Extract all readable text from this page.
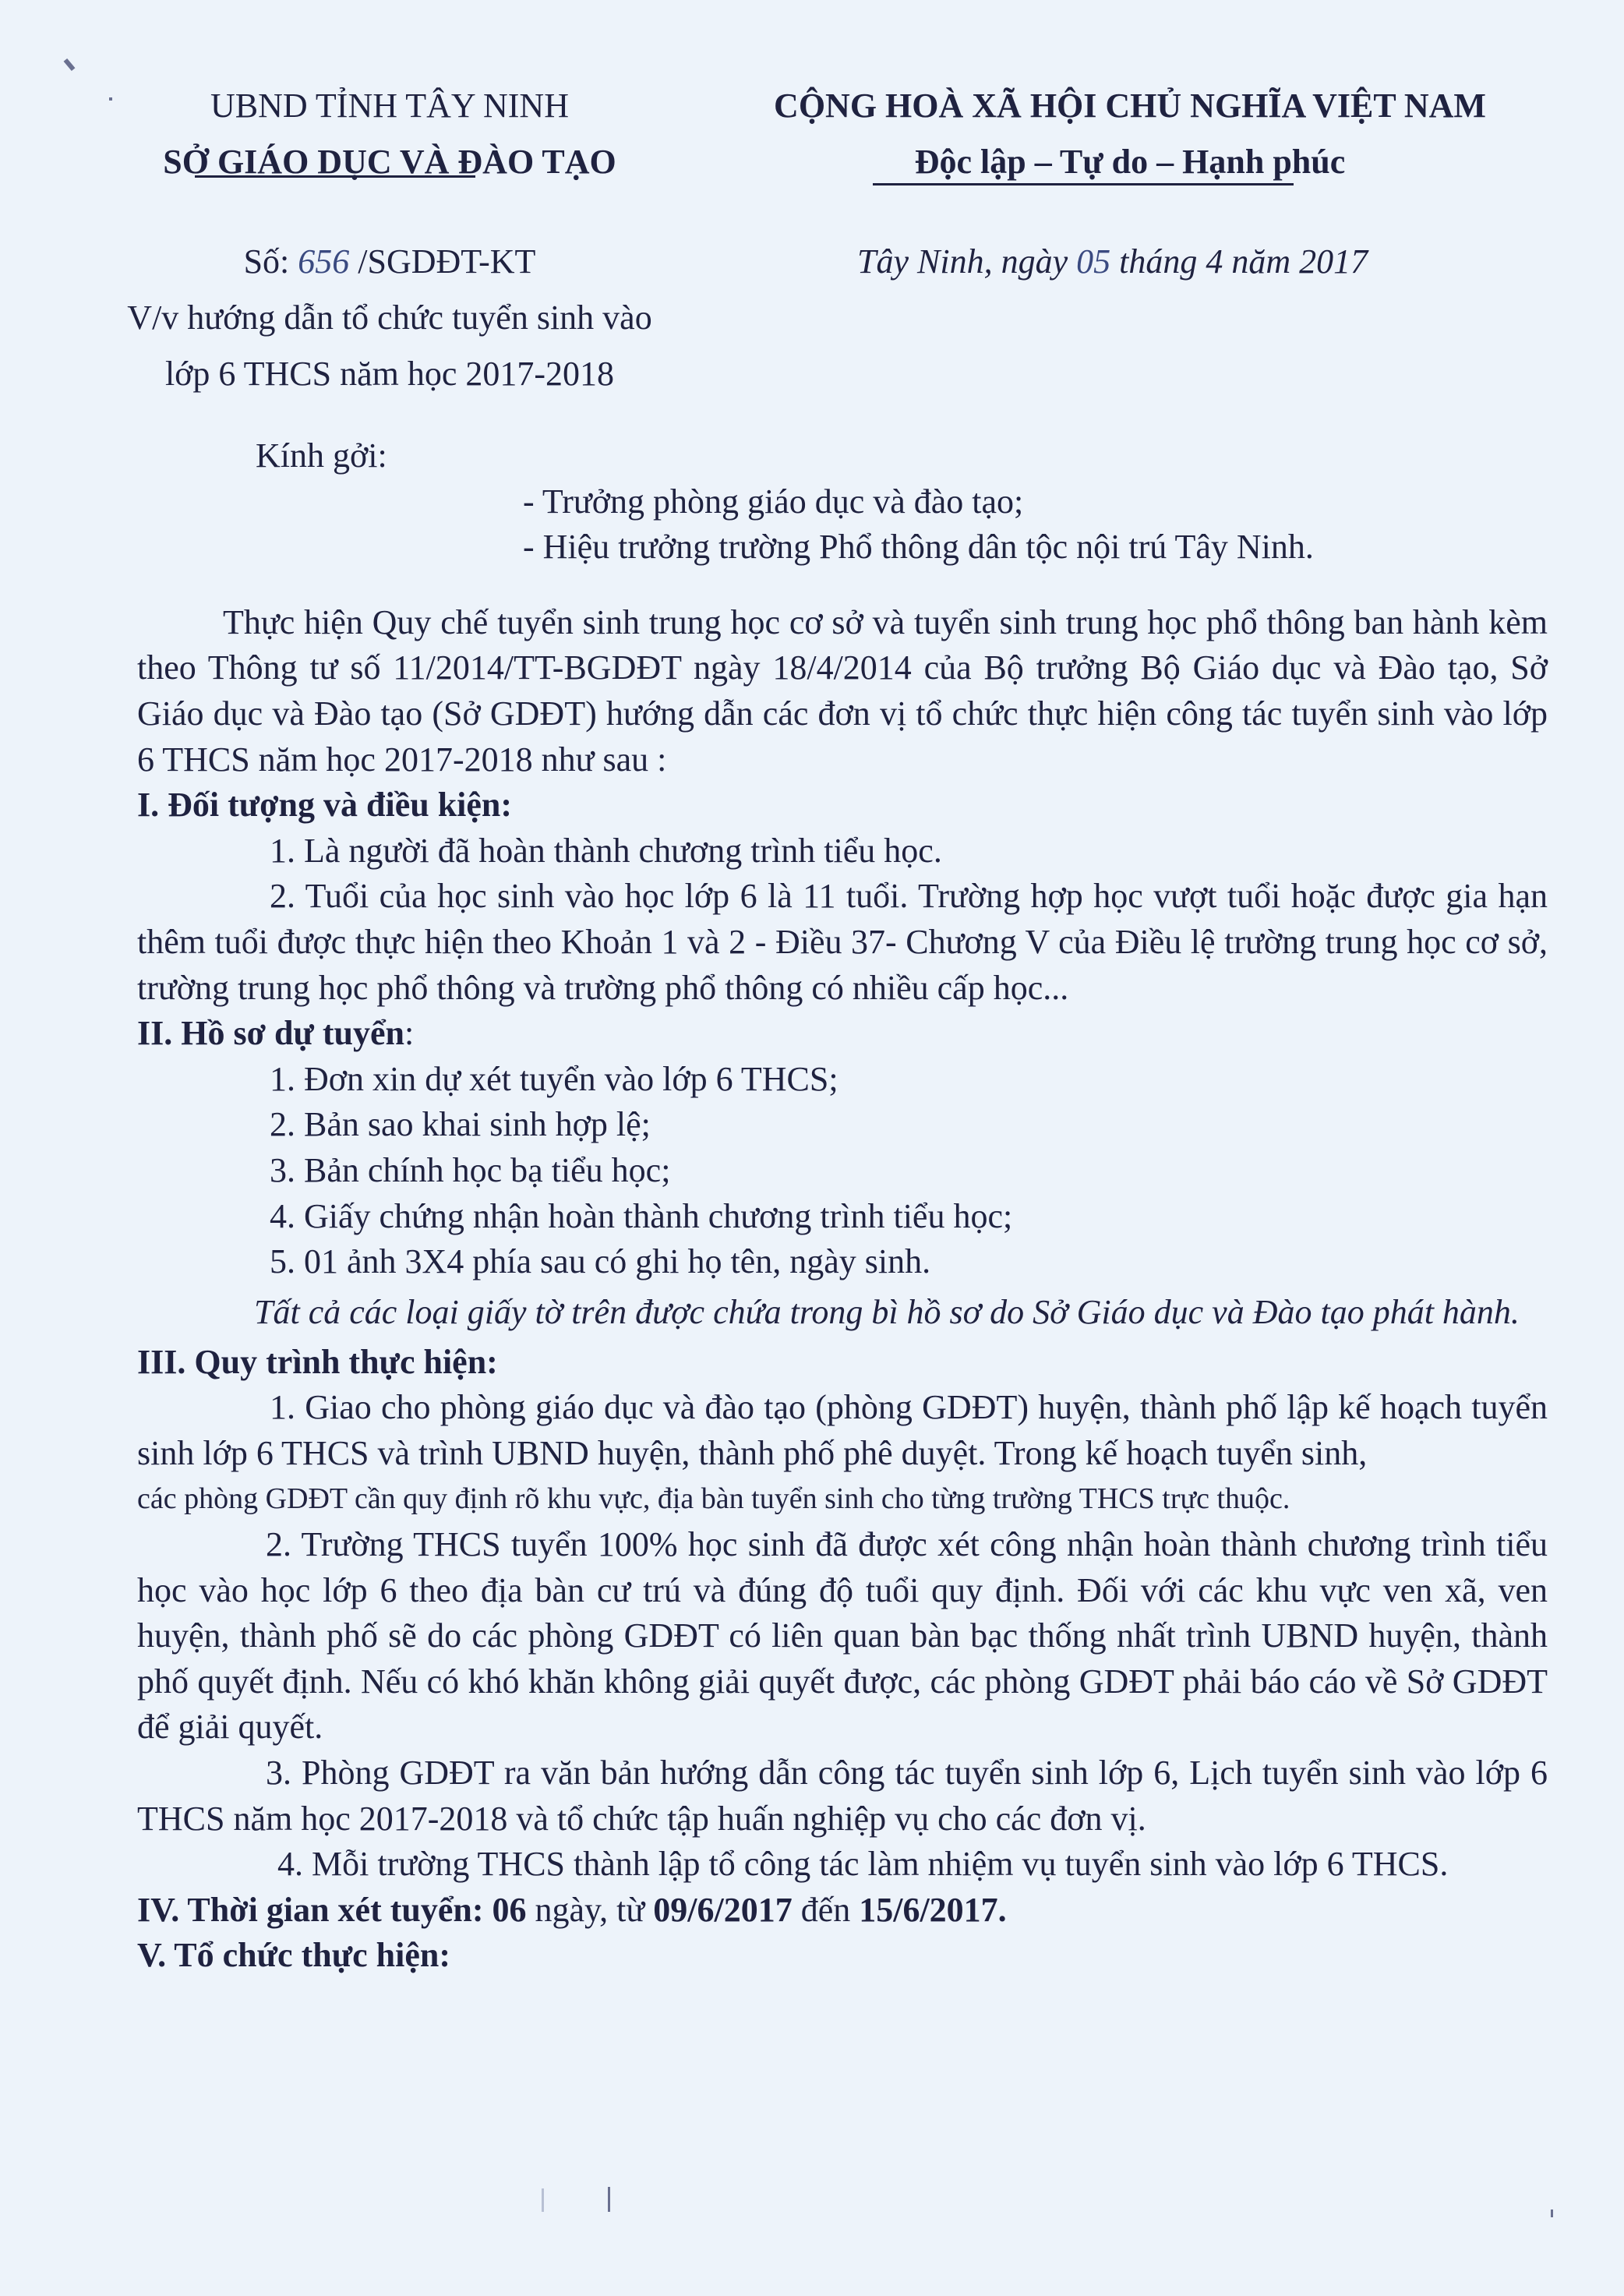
UBND TỈNH TÂY NINH
SỞ GIÁO DỤC VÀ ĐÀO TẠO
CỘNG HOÀ XÃ HỘI CHỦ NGHĨA VIỆT NAM
Độc lập – Tự do – Hạnh phúc
Số: 656 /SGDĐT-KT
V/v hướng dẫn tổ chức tuyển sinh vào
lớp 6 THCS năm học 2017-2018
Tây Ninh, ngày 05 tháng 4 năm 2017

Kính gởi:

- Trưởng phòng giáo dục và đào tạo;

- Hiệu trưởng trường Phổ thông dân tộc nội trú Tây Ninh.

Thực hiện Quy chế tuyển sinh trung học cơ sở và tuyển sinh trung học phổ thông ban hành kèm theo Thông tư số 11/2014/TT-BGDĐT ngày 18/4/2014 của Bộ trưởng Bộ Giáo dục và Đào tạo, Sở Giáo dục và Đào tạo (Sở GDĐT) hướng dẫn các đơn vị tổ chức thực hiện công tác tuyển sinh vào lớp 6 THCS năm học 2017-2018 như sau :

I. Đối tượng và điều kiện:

1. Là người đã hoàn thành chương trình tiểu học.

2. Tuổi của học sinh vào học lớp 6 là 11 tuổi. Trường hợp học vượt tuổi hoặc được gia hạn thêm tuổi được thực hiện theo Khoản 1 và 2 - Điều 37- Chương V của Điều lệ trường trung học cơ sở, trường trung học phổ thông và trường phổ thông có nhiều cấp học...

II. Hồ sơ dự tuyển:

1. Đơn xin dự xét tuyển vào lớp 6 THCS;

2. Bản sao khai sinh hợp lệ;

3. Bản chính học bạ tiểu học;

4. Giấy chứng nhận hoàn thành chương trình tiểu học;

5. 01 ảnh 3X4 phía sau có ghi họ tên, ngày sinh.

Tất cả các loại giấy tờ trên được chứa trong bì hồ sơ do Sở Giáo dục và Đào tạo phát hành.

III. Quy trình thực hiện:

1. Giao cho phòng giáo dục và đào tạo (phòng GDĐT) huyện, thành phố lập kế hoạch tuyển sinh lớp 6 THCS và trình UBND huyện, thành phố phê duyệt. Trong kế hoạch tuyển sinh,

các phòng GDĐT cần quy định rõ khu vực, địa bàn tuyển sinh cho từng trường THCS trực thuộc.

2. Trường THCS tuyển 100% học sinh đã được xét công nhận hoàn thành chương trình tiểu học vào học lớp 6 theo địa bàn cư trú và đúng độ tuổi quy định. Đối với các khu vực ven xã, ven huyện, thành phố sẽ do các phòng GDĐT có liên quan bàn bạc thống nhất trình UBND huyện, thành phố quyết định. Nếu có khó khăn không giải quyết được, các phòng GDĐT phải báo cáo về Sở GDĐT để giải quyết.

3. Phòng GDĐT ra văn bản hướng dẫn công tác tuyển sinh lớp 6, Lịch tuyển sinh vào lớp 6 THCS năm học 2017-2018 và tổ chức tập huấn nghiệp vụ cho các đơn vị.

4. Mỗi trường THCS thành lập tổ công tác làm nhiệm vụ tuyển sinh vào lớp 6 THCS.

IV. Thời gian xét tuyển: 06 ngày, từ 09/6/2017 đến 15/6/2017.

V. Tổ chức thực hiện:
